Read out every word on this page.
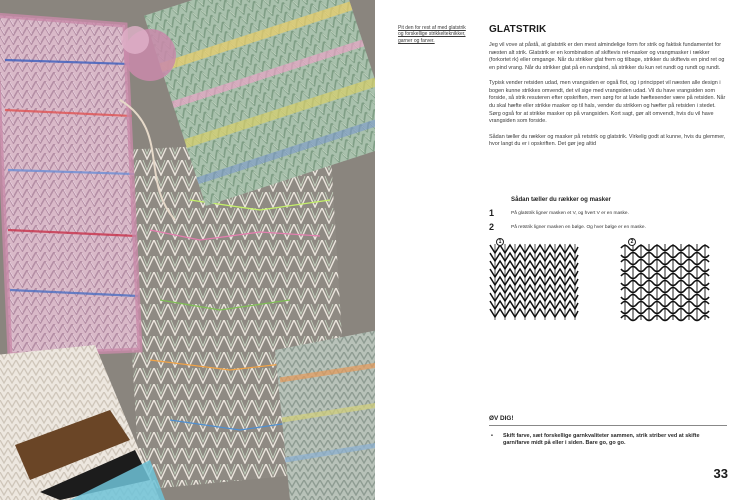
Pit den for rest af med glatstrik og forskellige strikkelteknikker, garner og farver.
GLATSTRIK

Jeg vil vove at påstå, at glatstrik er den mest almindelige form for strik og faktisk fundamentet for næsten alt strik. Glatstrik er en kombination af skiftevis ret-masker og vrangmasker i rækker (forkortet rk) eller omgange. Når du strikker glat frem og tilbage, strikker du skiftevis en pind ret og en pind vrang. Når du strikker glat på en rundpind, så strikker du kun ret rundt og rundt og rundt.

Typisk vender retsiden udad, men vrangsiden er også flot, og i princippet vil næsten alle design i bogen kunne strikkes omvendt, det vil sige med vrangsiden udad. Vil du have vrangsiden som forside, så strik resuteren efter opskriften, men sørg for at lade hæftesender være på retsiden. Når du skal hæfte eller strikke masker op til hals, vender du strikken og hæfter på retsiden i stedet. Sørg også for at strikke masker op på vrangsiden. Kort sagt, gør alt omvendt, hvis du vil have vrangsiden som forside.

Sådan tæller du rækker og masker på retstrik og glatstrik. Virkelig godt at kunne, hvis du glemmer, hvor langt du er i opskriften. Det gør jeg altid

Sådan tæller du rækker og masker
1	På glatstrik ligner masken et V, og hvert V er en maske.
2	På retstrik ligner masken en bølge. Og hver bølge er en maske.
1	2
ØV DIG!
•	Skift farve, sæt forskellige garnkvaliteter sammen, strik striber ved at skifte garn/farve midt på eller i siden. Bare go, go go.
33
